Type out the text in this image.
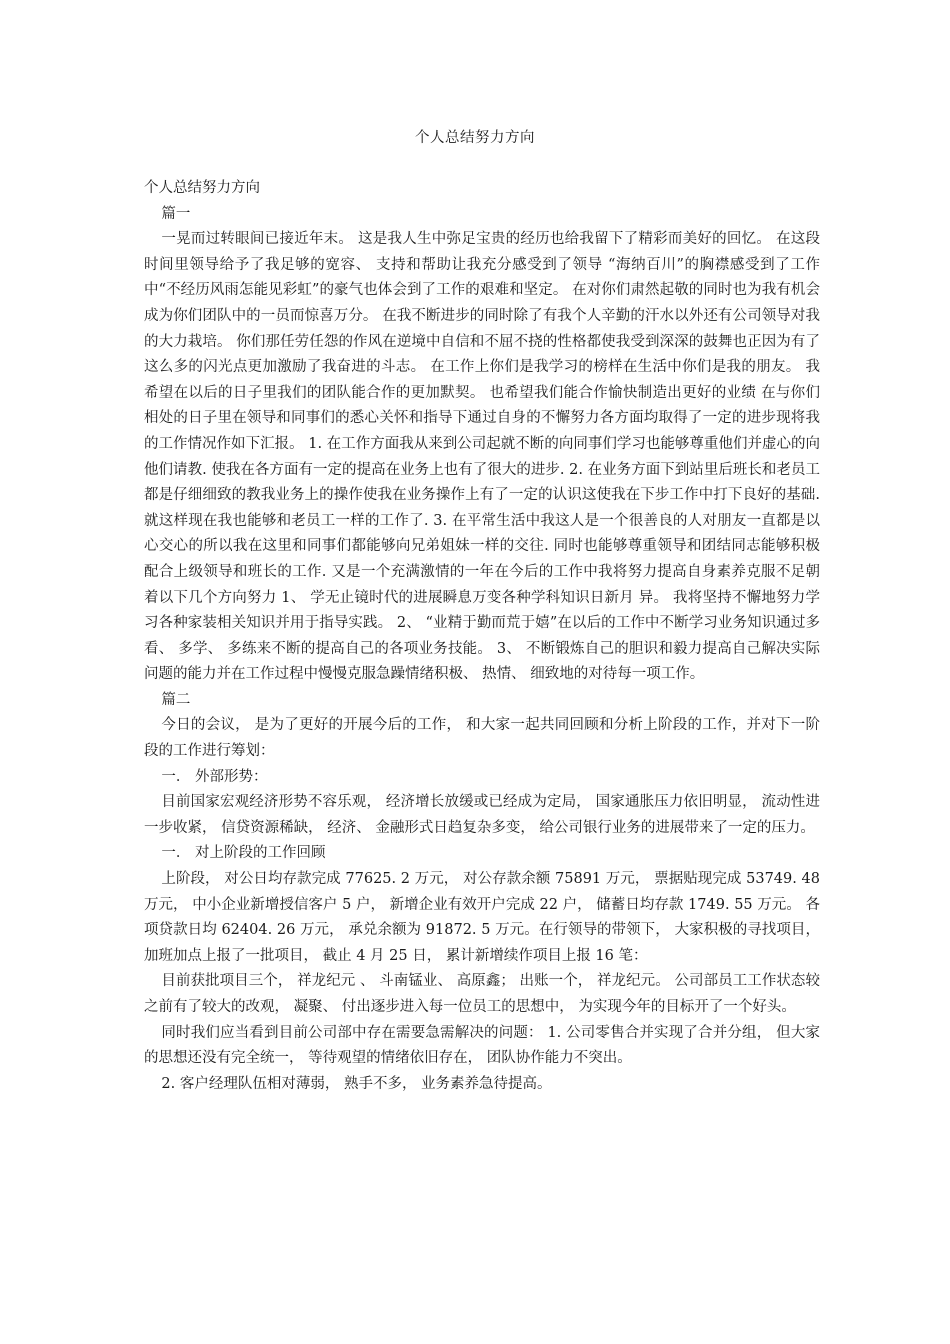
个人总结努力方向

个人总结努力方向

篇一

一晃而过转眼间已接近年末。 这是我人生中弥足宝贵的经历也给我留下了精彩而美好的回忆。 在这段时间里领导给予了我足够的宽容、 支持和帮助让我充分感受到了领导 “海纳百川”的胸襟感受到了工作中“不经历风雨怎能见彩虹”的豪气也体会到了工作的艰难和坚定。 在对你们肃然起敬的同时也为我有机会成为你们团队中的一员而惊喜万分。 在我不断进步的同时除了有我个人辛勤的汗水以外还有公司领导对我的大力栽培。 你们那任劳任怨的作风在逆境中自信和不屈不挠的性格都使我受到深深的鼓舞也正因为有了这么多的闪光点更加激励了我奋进的斗志。 在工作上你们是我学习的榜样在生活中你们是我的朋友。 我希望在以后的日子里我们的团队能合作的更加默契。 也希望我们能合作愉快制造出更好的业绩 在与你们相处的日子里在领导和同事们的悉心关怀和指导下通过自身的不懈努力各方面均取得了一定的进步现将我的工作情况作如下汇报。 1. 在工作方面我从来到公司起就不断的向同事们学习也能够尊重他们并虚心的向他们请教. 使我在各方面有一定的提高在业务上也有了很大的进步. 2. 在业务方面下到站里后班长和老员工都是仔细细致的教我业务上的操作使我在业务操作上有了一定的认识这使我在下步工作中打下良好的基础. 就这样现在我也能够和老员工一样的工作了. 3. 在平常生活中我这人是一个很善良的人对朋友一直都是以心交心的所以我在这里和同事们都能够向兄弟姐妹一样的交往. 同时也能够尊重领导和团结同志能够积极配合上级领导和班长的工作. 又是一个充满激情的一年在今后的工作中我将努力提高自身素养克服不足朝着以下几个方向努力 1、 学无止镜时代的进展瞬息万变各种学科知识日新月 异。 我将坚持不懈地努力学习各种家装相关知识并用于指导实践。 2、 “业精于勤而荒于嬉”在以后的工作中不断学习业务知识通过多看、 多学、 多练来不断的提高自己的各项业务技能。 3、 不断锻炼自己的胆识和毅力提高自己解决实际问题的能力并在工作过程中慢慢克服急躁情绪积极、 热情、 细致地的对待每一项工作。

篇二

今日的会议， 是为了更好的开展今后的工作， 和大家一起共同回顾和分析上阶段的工作，并对下一阶段的工作进行筹划：

一． 外部形势：

目前国家宏观经济形势不容乐观， 经济增长放缓或已经成为定局， 国家通胀压力依旧明显， 流动性进一步收紧， 信贷资源稀缺， 经济、 金融形式日趋复杂多变， 给公司银行业务的进展带来了一定的压力。

一． 对上阶段的工作回顾

上阶段， 对公日均存款完成 77625. 2 万元， 对公存款余额 75891 万元， 票据贴现完成 53749. 48 万元， 中小企业新增授信客户 5 户， 新增企业有效开户完成 22 户， 储蓄日均存款 1749. 55 万元。 各项贷款日均 62404. 26 万元， 承兑余额为 91872. 5 万元。在行领导的带领下， 大家积极的寻找项目， 加班加点上报了一批项目， 截止 4 月 25 日， 累计新增续作项目上报 16 笔：

目前获批项目三个， 祥龙纪元 、 斗南锰业、 高原鑫； 出账一个， 祥龙纪元。 公司部员工工作状态较之前有了较大的改观， 凝聚、 付出逐步进入每一位员工的思想中， 为实现今年的目标开了一个好头。

同时我们应当看到目前公司部中存在需要急需解决的问题： 1. 公司零售合并实现了合并分组， 但大家的思想还没有完全统一， 等待观望的情绪依旧存在， 团队协作能力不突出。

2. 客户经理队伍相对薄弱， 熟手不多， 业务素养急待提高。
